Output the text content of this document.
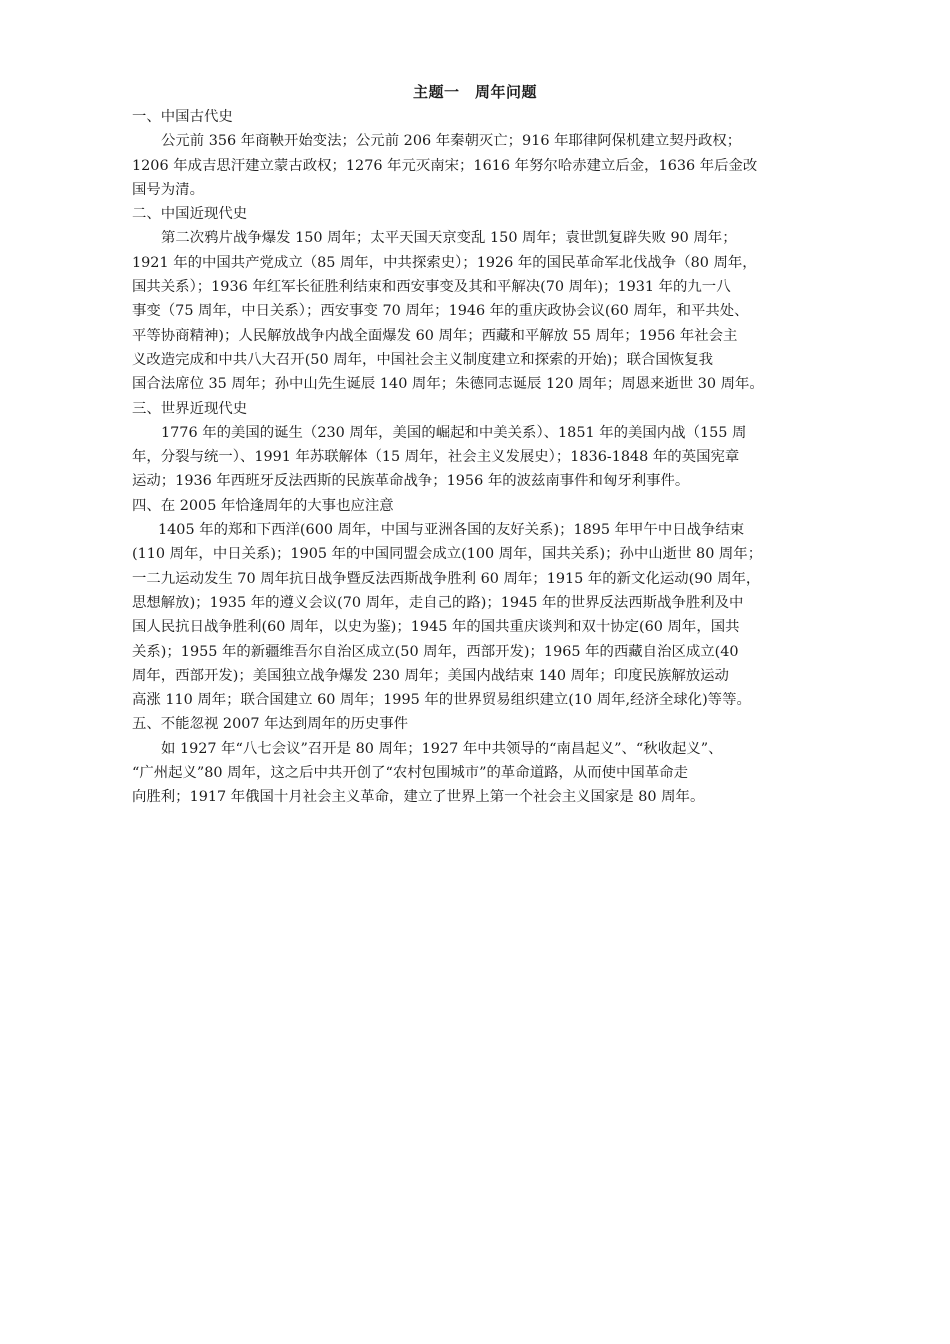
主题一　周年问题
一、中国古代史
公元前 356 年商鞅开始变法；公元前 206 年秦朝灭亡；916 年耶律阿保机建立契丹政权；
1206 年成吉思汗建立蒙古政权；1276 年元灭南宋；1616 年努尔哈赤建立后金，1636 年后金改
国号为清。
二、中国近现代史
第二次鸦片战争爆发 150 周年；太平天国天京变乱 150 周年；袁世凯复辟失败 90 周年；
1921 年的中国共产党成立（85 周年，中共探索史）；1926 年的国民革命军北伐战争（80 周年，
国共关系）；1936 年红军长征胜利结束和西安事变及其和平解决(70 周年)；1931 年的九一八
事变（75 周年，中日关系）；西安事变 70 周年；1946 年的重庆政协会议(60 周年，和平共处、
平等协商精神)；人民解放战争内战全面爆发 60 周年；西藏和平解放 55 周年；1956 年社会主
义改造完成和中共八大召开(50 周年，中国社会主义制度建立和探索的开始)；联合国恢复我
国合法席位 35 周年；孙中山先生诞辰 140 周年；朱德同志诞辰 120 周年；周恩来逝世 30 周年。
三、世界近现代史
1776 年的美国的诞生（230 周年，美国的崛起和中美关系）、1851 年的美国内战（155 周
年，分裂与统一）、1991 年苏联解体（15 周年，社会主义发展史）；1836-1848 年的英国宪章
运动；1936 年西班牙反法西斯的民族革命战争；1956 年的波兹南事件和匈牙利事件。
四、在 2005 年恰逢周年的大事也应注意
1405 年的郑和下西洋(600 周年，中国与亚洲各国的友好关系)；1895 年甲午中日战争结束
(110 周年，中日关系)；1905 年的中国同盟会成立(100 周年，国共关系)；孙中山逝世 80 周年；
一二九运动发生 70 周年抗日战争暨反法西斯战争胜利 60 周年；1915 年的新文化运动(90 周年，
思想解放)；1935 年的遵义会议(70 周年，走自己的路)；1945 年的世界反法西斯战争胜利及中
国人民抗日战争胜利(60 周年，以史为鉴)；1945 年的国共重庆谈判和双十协定(60 周年，国共
关系)；1955 年的新疆维吾尔自治区成立(50 周年，西部开发)；1965 年的西藏自治区成立(40
周年，西部开发)；美国独立战争爆发 230 周年；美国内战结束 140 周年；印度民族解放运动
高涨 110 周年；联合国建立 60 周年；1995 年的世界贸易组织建立(10 周年,经济全球化)等等。
五、不能忽视 2007 年达到周年的历史事件
如 1927 年“八七会议”召开是 80 周年；1927 年中共领导的“南昌起义”、“秋收起义”、
“广州起义”80 周年，这之后中共开创了“农村包围城市”的革命道路，从而使中国革命走
向胜利；1917 年俄国十月社会主义革命，建立了世界上第一个社会主义国家是 80 周年。
